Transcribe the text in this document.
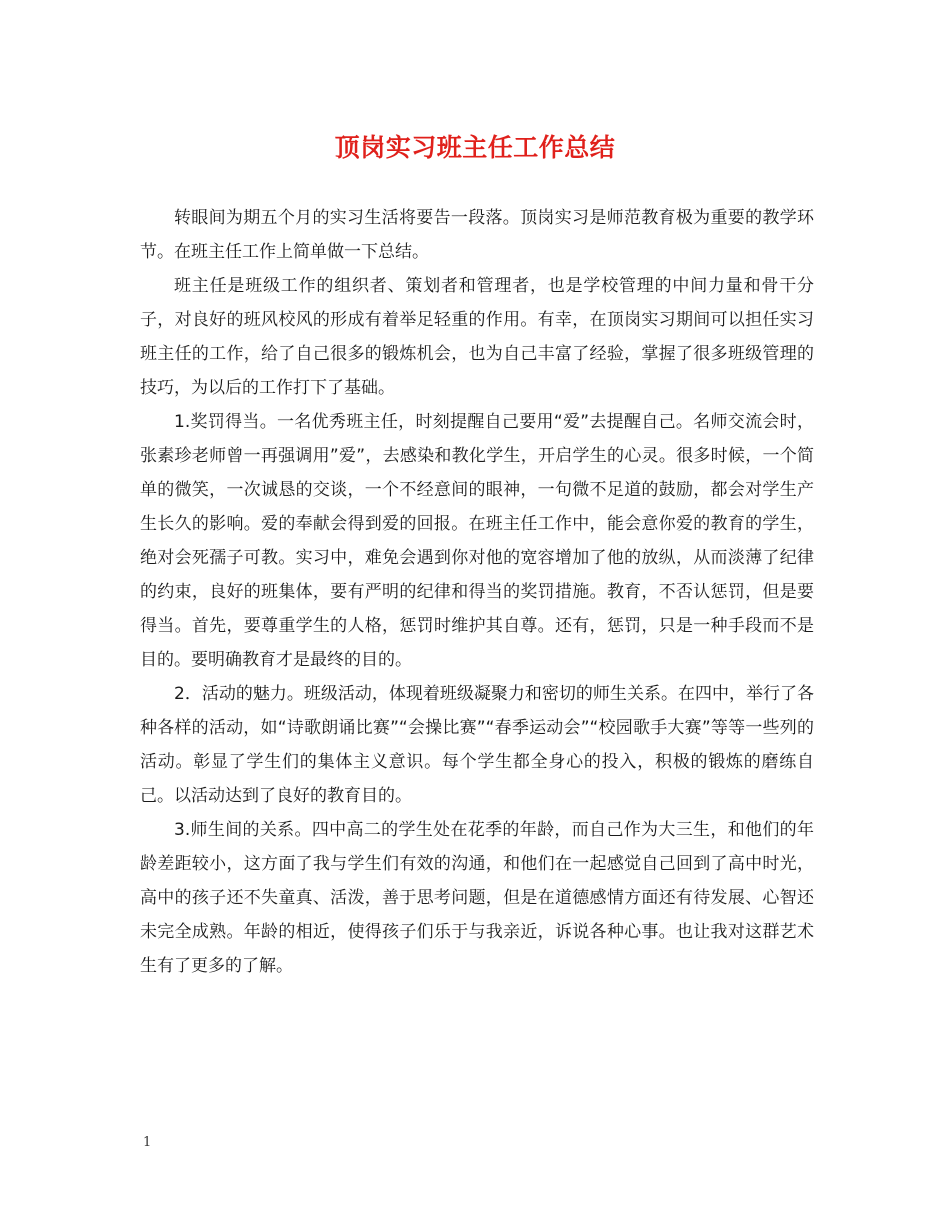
顶岗实习班主任工作总结

转眼间为期五个月的实习生活将要告一段落。顶岗实习是师范教育极为重要的教学环节。在班主任工作上简单做一下总结。

班主任是班级工作的组织者、策划者和管理者，也是学校管理的中间力量和骨干分子，对良好的班风校风的形成有着举足轻重的作用。有幸，在顶岗实习期间可以担任实习班主任的工作，给了自己很多的锻炼机会，也为自己丰富了经验，掌握了很多班级管理的技巧，为以后的工作打下了基础。

1.奖罚得当。一名优秀班主任，时刻提醒自己要用“爱”去提醒自己。名师交流会时，张素珍老师曾一再强调用”爱”，去感染和教化学生，开启学生的心灵。很多时候，一个简单的微笑，一次诚恳的交谈，一个不经意间的眼神，一句微不足道的鼓励，都会对学生产生长久的影响。爱的奉献会得到爱的回报。在班主任工作中，能会意你爱的教育的学生，绝对会死孺子可教。实习中，难免会遇到你对他的宽容增加了他的放纵，从而淡薄了纪律的约束，良好的班集体，要有严明的纪律和得当的奖罚措施。教育，不否认惩罚，但是要得当。首先，要尊重学生的人格，惩罚时维护其自尊。还有，惩罚，只是一种手段而不是目的。要明确教育才是最终的目的。

2．活动的魅力。班级活动，体现着班级凝聚力和密切的师生关系。在四中，举行了各种各样的活动，如“诗歌朗诵比赛”“会操比赛”“春季运动会”“校园歌手大赛”等等一些列的活动。彰显了学生们的集体主义意识。每个学生都全身心的投入，积极的锻炼的磨练自己。以活动达到了良好的教育目的。

3.师生间的关系。四中高二的学生处在花季的年龄，而自己作为大三生，和他们的年龄差距较小，这方面了我与学生们有效的沟通，和他们在一起感觉自己回到了高中时光，高中的孩子还不失童真、活泼，善于思考问题，但是在道德感情方面还有待发展、心智还未完全成熟。年龄的相近，使得孩子们乐于与我亲近，诉说各种心事。也让我对这群艺术生有了更多的了解。

1
